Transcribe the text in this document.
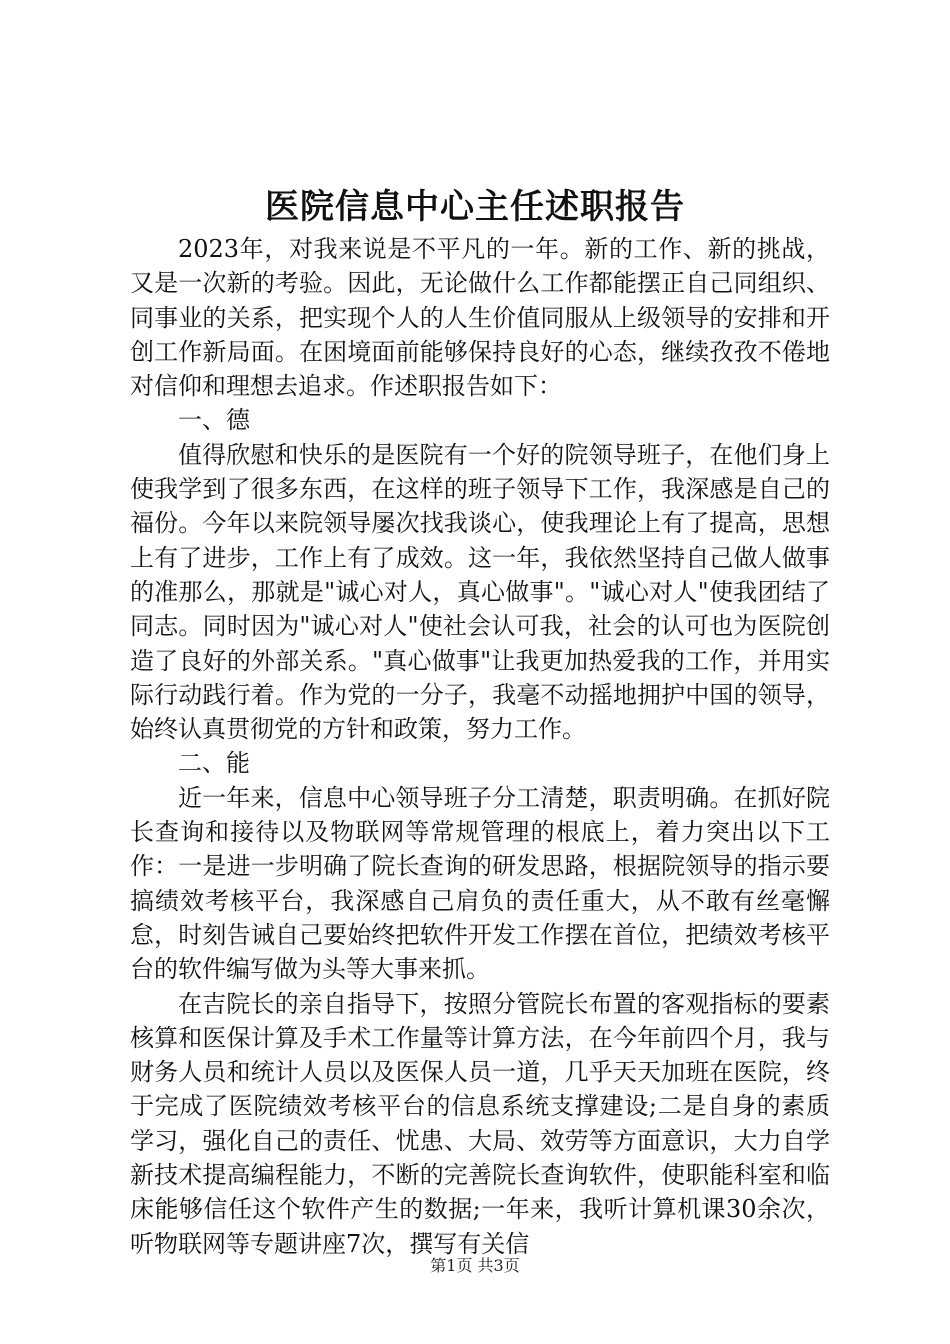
医院信息中心主任述职报告

2023年，对我来说是不平凡的一年。新的工作、新的挑战，又是一次新的考验。因此，无论做什么工作都能摆正自己同组织、同事业的关系，把实现个人的人生价值同服从上级领导的安排和开创工作新局面。在困境面前能够保持良好的心态，继续孜孜不倦地对信仰和理想去追求。作述职报告如下：

一、德

值得欣慰和快乐的是医院有一个好的院领导班子，在他们身上使我学到了很多东西，在这样的班子领导下工作，我深感是自己的福份。今年以来院领导屡次找我谈心，使我理论上有了提高，思想上有了进步，工作上有了成效。这一年，我依然坚持自己做人做事的准那么，那就是"诚心对人，真心做事"。"诚心对人"使我团结了同志。同时因为"诚心对人"使社会认可我，社会的认可也为医院创造了良好的外部关系。"真心做事"让我更加热爱我的工作，并用实际行动践行着。作为党的一分子，我毫不动摇地拥护中国的领导，始终认真贯彻党的方针和政策，努力工作。

二、能

近一年来，信息中心领导班子分工清楚，职责明确。在抓好院长查询和接待以及物联网等常规管理的根底上，着力突出以下工作：一是进一步明确了院长查询的研发思路，根据院领导的指示要搞绩效考核平台，我深感自己肩负的责任重大，从不敢有丝毫懈怠，时刻告诫自己要始终把软件开发工作摆在首位，把绩效考核平台的软件编写做为头等大事来抓。

在吉院长的亲自指导下，按照分管院长布置的客观指标的要素核算和医保计算及手术工作量等计算方法，在今年前四个月，我与财务人员和统计人员以及医保人员一道，几乎天天加班在医院，终于完成了医院绩效考核平台的信息系统支撑建设;二是自身的素质学习，强化自己的责任、忧患、大局、效劳等方面意识，大力自学新技术提高编程能力，不断的完善院长查询软件，使职能科室和临床能够信任这个软件产生的数据;一年来，我听计算机课30余次，听物联网等专题讲座7次，撰写有关信

第1页 共3页
